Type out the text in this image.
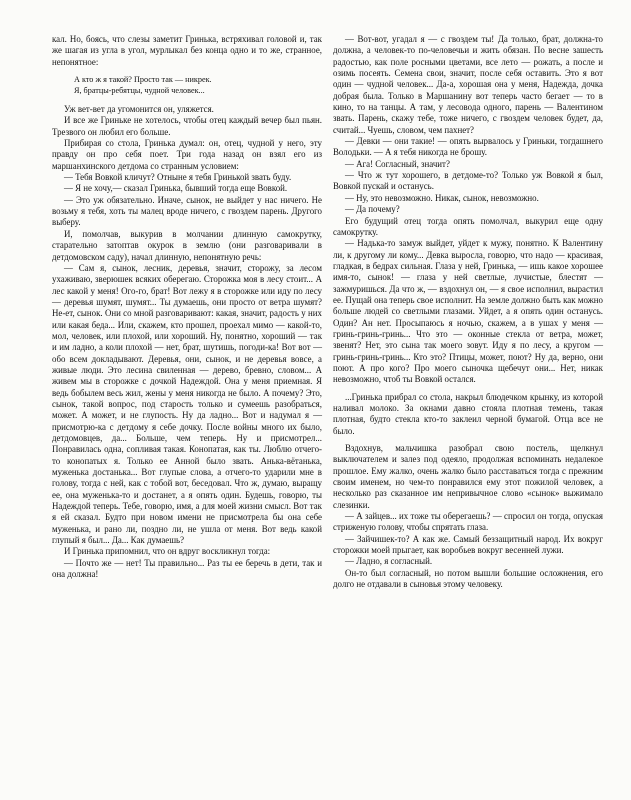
кал. Но, боясь, что слезы заметит Гринька, встряхивал головой и, так же шагая из угла в угол, мурлыкал без конца одно и то же, странное, непонятное:

А кто ж я такой? Просто так — никрек.
Я, братцы-ребятцы, чудной человек...

Уж вет-вет да угомонится он, уляжется.

И все же Гриньке не хотелось, чтобы отец каждый вечер был пьян. Трезвого он любил его больше.

Прибирая со стола, Гринька думал: он, отец, чудной у него, эту правду он про себя поет. Три года назад он взял его из маршанхинского детдома со странным условием:

— Тебя Вовкой кличут? Отныне я тебя Гринькой звать буду.

— Я не хочу,— сказал Гринька, бывший тогда еще Вовкой.

— Это уж обязательно. Иначе, сынок, не выйдет у нас ничего. Не возьму я тебя, хоть ты малец вроде ничего, с гвоздем парень. Другого выберу.

И, помолчав, выкурив в молчании длинную самокрутку, старательно затоптав окурок в землю (они разговаривали в детдомовском саду), начал длинную, непонятную речь:

— Сам я, сынок, лесник, деревья, значит, сторожу, за лесом ухаживаю, зверюшек всяких оберегаю. Сторожка моя в лесу стоит... А лес какой у меня! Ого-го, брат! Вот лежу я в сторожке или иду по лесу — деревья шумят, шумят... Ты думаешь, они просто от ветра шумят? Не-ет, сынок. Они со мной разговаривают: какая, значит, радость у них или какая беда... Или, скажем, кто прошел, проехал мимо — какой-то, мол, человек, или плохой, или хороший. Ну, понятно, хороший — так и им ладно, а коли плохой — нет, брат, шутишь, погоди-ка! Вот вот — обо всем докладывают. Деревья, они, сынок, и не деревья вовсе, а живые люди. Это лесина свиленная — дерево, бревно, словом... А живем мы в сторожке с дочкой Надеждой. Она у меня приемная. Я ведь бобылем весь жил, жены у меня никогда не было. А почему? Это, сынок, такой вопрос, под старость только и сумеешь разобраться, может. А может, и не глупость. Ну да ладно... Вот и надумал я — присмотрю-ка с детдому я себе дочку. После войны много их было, детдомовцев, да... Больше, чем теперь. Ну и присмотрел... Понравилась одна, сопливая такая. Конопатая, как ты. Люблю отчего-то конопатых я. Только ее Анной было звать. Анька-вётанька, муженька достанька... Вот глупые слова, а отчего-то ударили мне в голову, тогда с ней, как с тобой вот, беседовал. Что ж, думаю, выращу ее, она муженька-то и достанет, а я опять один. Будешь, говорю, ты Надеждой теперь. Тебе, говорю, имя, а для моей жизни смысл. Вот так я ей сказал. Будто при новом имени не присмотрела бы она себе муженька, и рано ли, поздно ли, не ушла от меня. Вот ведь какой глупый я был... Да... Как думаешь?

И Гринька припомнил, что он вдруг воскликнул тогда:

— Почто же — нет! Ты правильно... Раз ты ее беречь в дети, так и она должна!

— Вот-вот, угадал я — с гвоздем ты! Да только, брат, должна-то должна, а человек-то по-человечьи и жить обязан. По весне зашесть радостью, как поле росными цветами, все лето — рожать, а после и озимь посеять. Семена свои, значит, после себя оставить. Это я вот один — чудной человек... Да-а, хорошая она у меня, Надежда, дочка добрая была. Только в Маршанину вот теперь часто бегает — то в кино, то на танцы. А там, у лесовода одного, парень — Валентином звать. Парень, скажу тебе, тоже ничего, с гвоздем человек будет, да, считай... Чуешь, словом, чем пахнет?

— Девки — они такие! — опять вырвалось у Гриньки, тогдашнего Володьки. — А я тебя никогда не брошу.

— Ага! Согласный, значит?

— Что ж тут хорошего, в детдоме-то? Только уж Вовкой я был, Вовкой пускай и останусь.

— Ну, это невозможно. Никак, сынок, невозможно.

— Да почему?

Его будущий отец тогда опять помолчал, выкурил еще одну самокрутку.

— Надька-то замуж выйдет, уйдет к мужу, понятно. К Валентину ли, к другому ли кому... Девка выросла, говорю, что надо — красивая, гладкая, в бедрах сильная. Глаза у ней, Гринька, — ишь какое хорошее имя-то, сынок! — глаза у ней светлые, лучистые, блестят — зажмуришься. Да что ж, — вздохнул он, — я свое исполнил, вырастил ее. Пущай она теперь свое исполнит. На земле должно быть как можно больше людей со светлыми глазами. Уйдет, а я опять один останусь. Один? Ан нет. Просыпаюсь я ночью, скажем, а в ушах у меня — гринь-гринь-гринь... Что это — оконные стекла от ветра, может, звенят? Нет, это сына так моего зовут. Иду я по лесу, а кругом — гринь-гринь-гринь... Кто это? Птицы, может, поют? Ну да, верно, они поют. А про кого? Про моего сыночка щебечут они... Нет, никак невозможно, чтоб ты Вовкой остался.

...Гринька прибрал со стола, накрыл блюдечком крынку, из которой наливал молоко. За окнами давно стояла плотная темень, такая плотная, будто стекла кто-то заклеил черной бумагой. Отца все не было.

Вздохнув, мальчишка разобрал свою постель, щелкнул выключателем и залез под одеяло, продолжая вспоминать недалекое прошлое. Ему жалко, очень жалко было расставаться тогда с прежним своим именем, но чем-то понравился ему этот пожилой человек, а несколько раз сказанное им непривычное слово «сынок» выжимало слезинки.

— А зайцев... их тоже ты оберегаешь? — спросил он тогда, опуская стриженую голову, чтобы спрятать глаза.

— Зайчишек-то? А как же. Самый беззащитный народ. Их вокруг сторожки моей прыгает, как воробьев вокруг весенней лужи.

— Ладно, я согласный.

Он-то был согласный, но потом вышли большие осложнения, его долго не отдавали в сыновья этому человеку.
